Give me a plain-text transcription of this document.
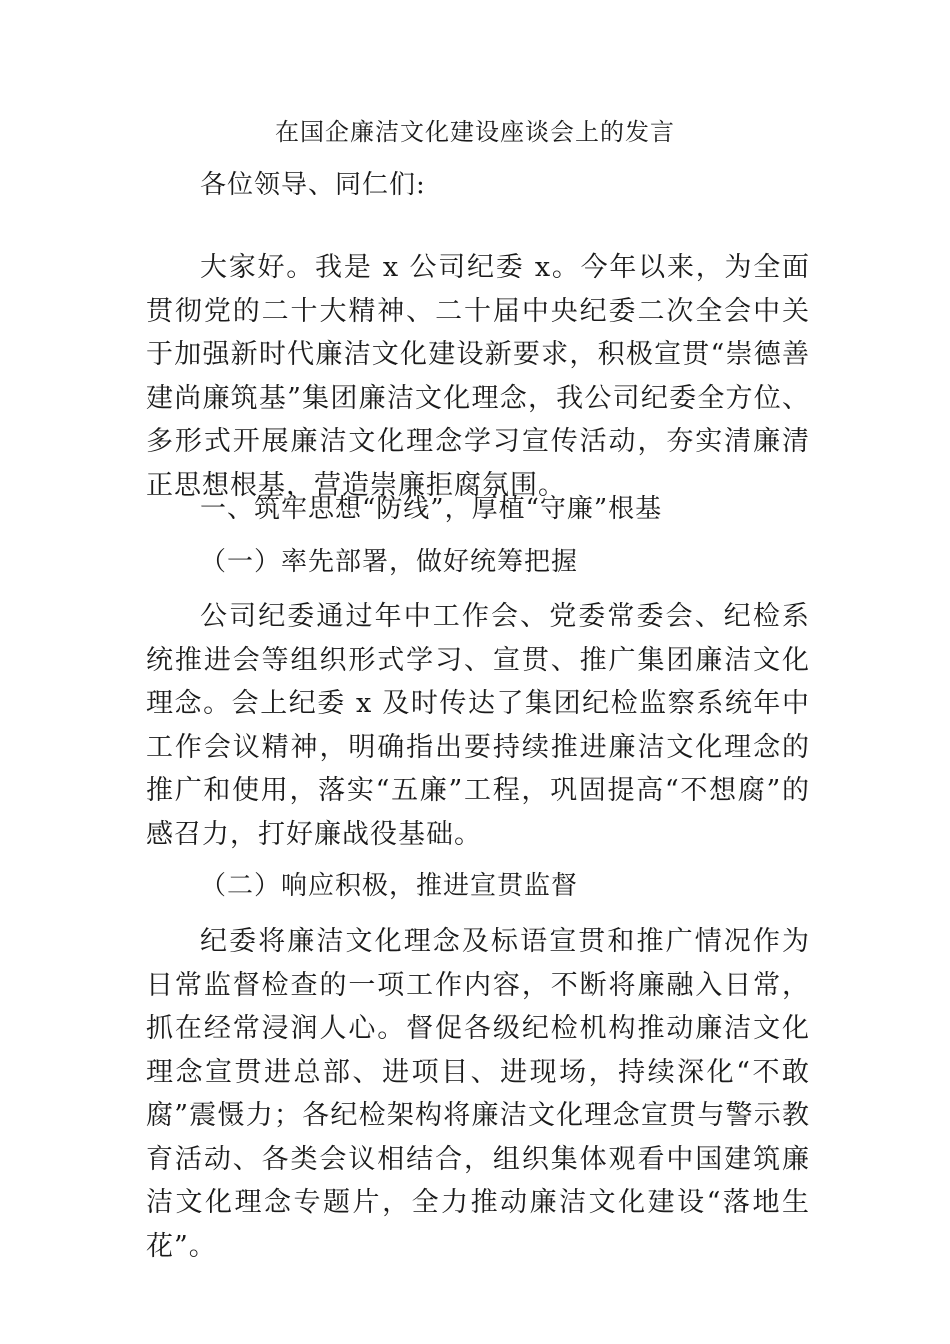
在国企廉洁文化建设座谈会上的发言
各位领导、同仁们:
大家好。我是 x 公司纪委 x。今年以来，为全面贯彻党的二十大精神、二十届中央纪委二次全会中关于加强新时代廉洁文化建设新要求，积极宣贯“崇德善建尚廉筑基”集团廉洁文化理念，我公司纪委全方位、多形式开展廉洁文化理念学习宣传活动，夯实清廉清正思想根基，营造崇廉拒腐氛围。
一、筑牢思想“防线”，厚植“守廉”根基
（一）率先部署，做好统筹把握
公司纪委通过年中工作会、党委常委会、纪检系统推进会等组织形式学习、宣贯、推广集团廉洁文化理念。会上纪委 x 及时传达了集团纪检监察系统年中工作会议精神，明确指出要持续推进廉洁文化理念的推广和使用，落实“五廉”工程，巩固提高“不想腐”的感召力，打好廉战役基础。
（二）响应积极，推进宣贯监督
纪委将廉洁文化理念及标语宣贯和推广情况作为日常监督检查的一项工作内容，不断将廉融入日常，抓在经常浸润人心。督促各级纪检机构推动廉洁文化理念宣贯进总部、进项目、进现场，持续深化“不敢腐”震慑力；各纪检架构将廉洁文化理念宣贯与警示教育活动、各类会议相结合，组织集体观看中国建筑廉洁文化理念专题片，全力推动廉洁文化建设“落地生花”。
